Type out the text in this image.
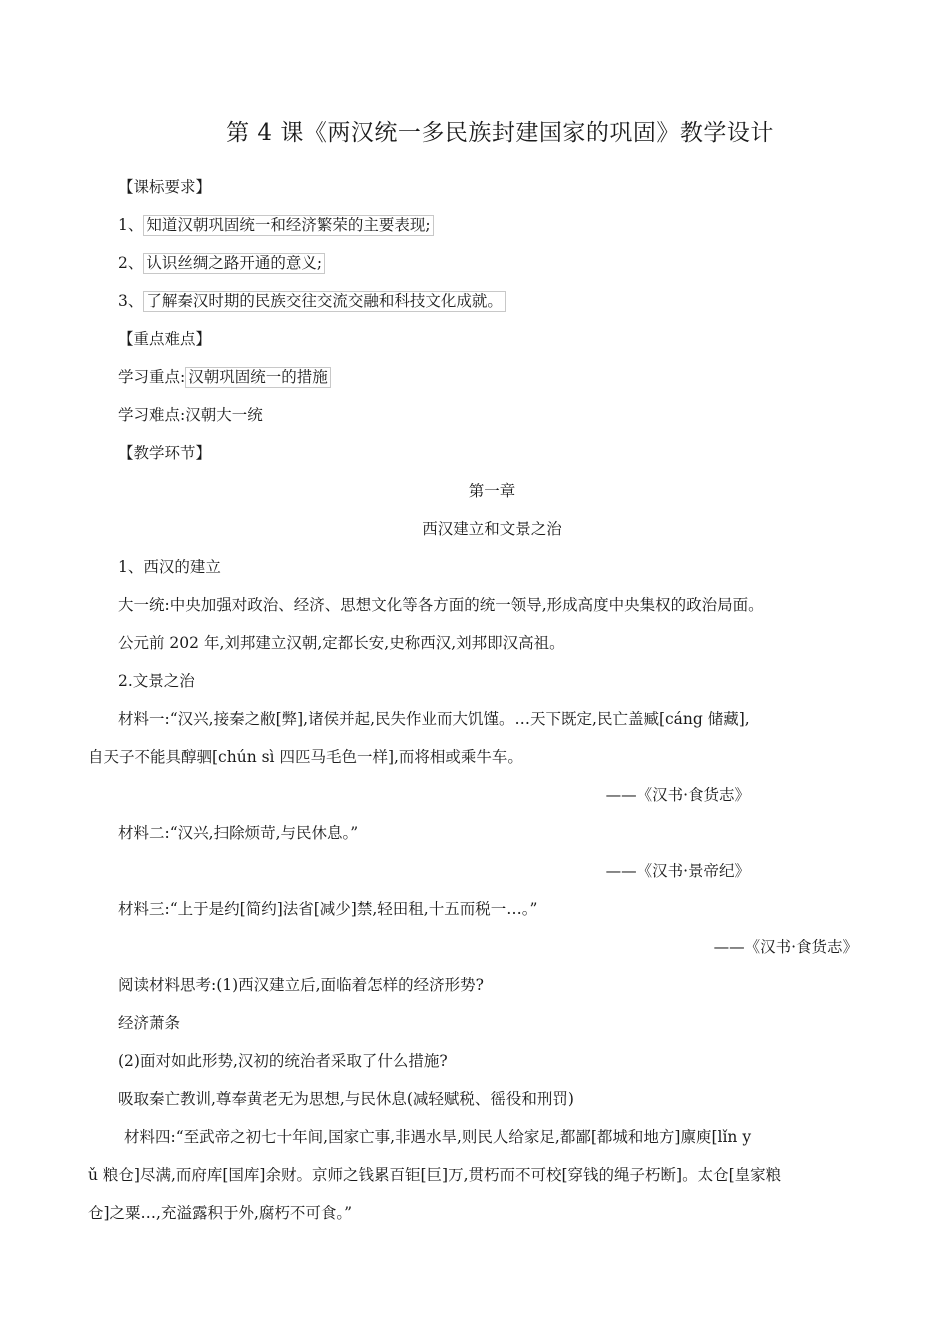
第 4 课《两汉统一多民族封建国家的巩固》教学设计
【课标要求】
1、 知道汉朝巩固统一和经济繁荣的主要表现;
2、 认识丝绸之路开通的意义;
3、 了解秦汉时期的民族交往交流交融和科技文化成就。
【重点难点】
学习重点: 汉朝巩固统一的措施
学习难点:汉朝大一统
【教学环节】
第一章
西汉建立和文景之治
1、西汉的建立
大一统:中央加强对政治、经济、思想文化等各方面的统一领导,形成高度中央集权的政治局面。
公元前 202 年,刘邦建立汉朝,定都长安,史称西汉,刘邦即汉高祖。
2.文景之治
材料一:“汉兴,接秦之敝[弊],诸侯并起,民失作业而大饥馑。…天下既定,民亡盖臧[cáng 储藏],
自天子不能具醇驷[chún sì 四匹马毛色一样],而将相或乘牛车。
——《汉书·食货志》
材料二:“汉兴,扫除烦苛,与民休息。”
——《汉书·景帝纪》
材料三:“上于是约[简约]法省[减少]禁,轻田租,十五而税一…。”
——《汉书·食货志》
阅读材料思考:(1)西汉建立后,面临着怎样的经济形势?
经济萧条
(2)面对如此形势,汉初的统治者采取了什么措施?
吸取秦亡教训,尊奉黄老无为思想,与民休息(减轻赋税、徭役和刑罚)
材料四:“至武帝之初七十年间,国家亡事,非遇水旱,则民人给家足,都鄙[都城和地方]廪庾[lǐn y
ǔ 粮仓]尽满,而府库[国库]余财。京师之钱累百钜[巨]万,贯朽而不可校[穿钱的绳子朽断]。太仓[皇家粮
仓]之粟…,充溢露积于外,腐朽不可食。”
